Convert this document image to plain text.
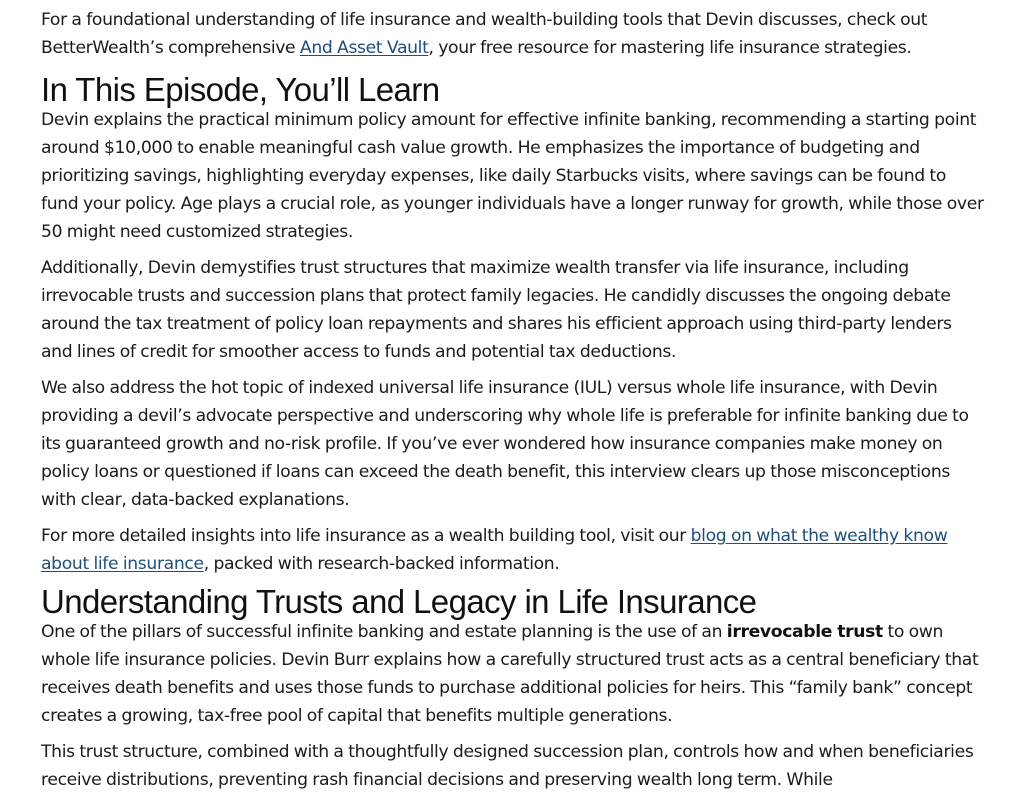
For a foundational understanding of life insurance and wealth-building tools that Devin discusses, check out BetterWealth’s comprehensive And Asset Vault, your free resource for mastering life insurance strategies.

In This Episode, You’ll Learn

Devin explains the practical minimum policy amount for effective infinite banking, recommending a starting point around $10,000 to enable meaningful cash value growth. He emphasizes the importance of budgeting and prioritizing savings, highlighting everyday expenses, like daily Starbucks visits, where savings can be found to fund your policy. Age plays a crucial role, as younger individuals have a longer runway for growth, while those over 50 might need customized strategies.

Additionally, Devin demystifies trust structures that maximize wealth transfer via life insurance, including irrevocable trusts and succession plans that protect family legacies. He candidly discusses the ongoing debate around the tax treatment of policy loan repayments and shares his efficient approach using third-party lenders and lines of credit for smoother access to funds and potential tax deductions.

We also address the hot topic of indexed universal life insurance (IUL) versus whole life insurance, with Devin providing a devil’s advocate perspective and underscoring why whole life is preferable for infinite banking due to its guaranteed growth and no-risk profile. If you’ve ever wondered how insurance companies make money on policy loans or questioned if loans can exceed the death benefit, this interview clears up those misconceptions with clear, data-backed explanations.

For more detailed insights into life insurance as a wealth building tool, visit our blog on what the wealthy know about life insurance, packed with research-backed information.

Understanding Trusts and Legacy in Life Insurance

One of the pillars of successful infinite banking and estate planning is the use of an irrevocable trust to own whole life insurance policies. Devin Burr explains how a carefully structured trust acts as a central beneficiary that receives death benefits and uses those funds to purchase additional policies for heirs. This “family bank” concept creates a growing, tax-free pool of capital that benefits multiple generations.

This trust structure, combined with a thoughtfully designed succession plan, controls how and when beneficiaries receive distributions, preventing rash financial decisions and preserving wealth long term. While
